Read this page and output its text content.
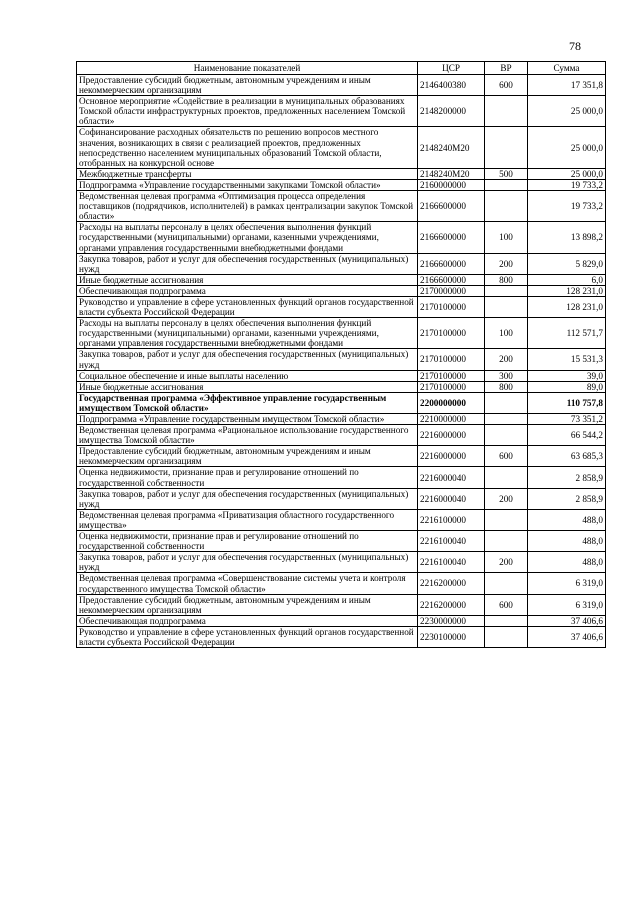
78
Наименование показателей	ЦСР	ВР	Сумма
Предоставление субсидий бюджетным, автономным учреждениям и иным некоммерческим организациям	2146400380	600	17 351,8
Основное мероприятие «Содействие в реализации в муниципальных образованиях Томской области инфраструктурных проектов, предложенных населением Томской области»	2148200000		25 000,0
Софинансирование расходных обязательств по решению вопросов местного значения, возникающих в связи с реализацией проектов, предложенных непосредственно населением муниципальных образований Томской области, отобранных на конкурсной основе	2148240М20		25 000,0
Межбюджетные трансферты	2148240М20	500	25 000,0
Подпрограмма «Управление государственными закупками Томской области»	2160000000		19 733,2
Ведомственная целевая программа «Оптимизация процесса определения поставщиков (подрядчиков, исполнителей) в рамках централизации закупок Томской области»	2166600000		19 733,2
Расходы на выплаты персоналу в целях обеспечения выполнения функций государственными (муниципальными) органами, казенными учреждениями, органами управления государственными внебюджетными фондами	2166600000	100	13 898,2
Закупка товаров, работ и услуг для обеспечения государственных (муниципальных) нужд	2166600000	200	5 829,0
Иные бюджетные ассигнования	2166600000	800	6,0
Обеспечивающая подпрограмма	2170000000		128 231,0
Руководство и управление в сфере установленных функций органов государственной власти субъекта Российской Федерации	2170100000		128 231,0
Расходы на выплаты персоналу в целях обеспечения выполнения функций государственными (муниципальными) органами, казенными учреждениями, органами управления государственными внебюджетными фондами	2170100000	100	112 571,7
Закупка товаров, работ и услуг для обеспечения государственных (муниципальных) нужд	2170100000	200	15 531,3
Социальное обеспечение и иные выплаты населению	2170100000	300	39,0
Иные бюджетные ассигнования	2170100000	800	89,0
Государственная программа «Эффективное управление государственным имуществом Томской области»	2200000000		110 757,8
Подпрограмма «Управление государственным имуществом Томской области»	2210000000		73 351,2
Ведомственная целевая программа «Рациональное использование государственного имущества Томской области»	2216000000		66 544,2
Предоставление субсидий бюджетным, автономным учреждениям и иным некоммерческим организациям	2216000000	600	63 685,3
Оценка недвижимости, признание прав и регулирование отношений по государственной собственности	2216000040		2 858,9
Закупка товаров, работ и услуг для обеспечения государственных (муниципальных) нужд	2216000040	200	2 858,9
Ведомственная целевая программа «Приватизация областного государственного имущества»	2216100000		488,0
Оценка недвижимости, признание прав и регулирование отношений по государственной собственности	2216100040		488,0
Закупка товаров, работ и услуг для обеспечения государственных (муниципальных) нужд	2216100040	200	488,0
Ведомственная целевая программа «Совершенствование системы учета и контроля государственного имущества Томской области»	2216200000		6 319,0
Предоставление субсидий бюджетным, автономным учреждениям и иным некоммерческим организациям	2216200000	600	6 319,0
Обеспечивающая подпрограмма	2230000000		37 406,6
Руководство и управление в сфере установленных функций органов государственной власти субъекта Российской Федерации	2230100000		37 406,6
